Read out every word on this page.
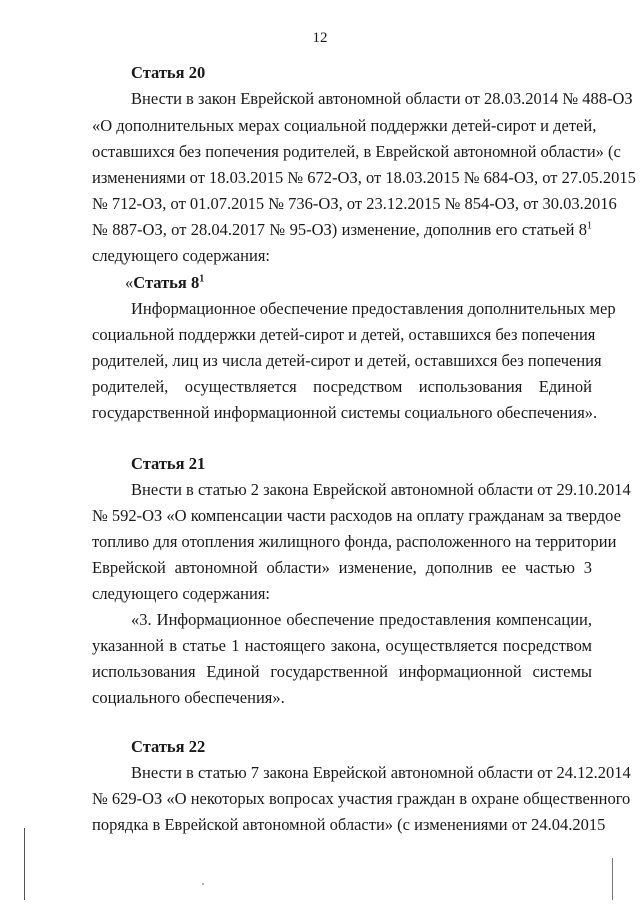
12
Статья 20
Внести в закон Еврейской автономной области от 28.03.2014 № 488-ОЗ
«О дополнительных мерах социальной поддержки детей-сирот и детей,
оставшихся без попечения родителей, в Еврейской автономной области» (с
изменениями от 18.03.2015 № 672-ОЗ, от 18.03.2015 № 684-ОЗ, от 27.05.2015
№ 712-ОЗ, от 01.07.2015 № 736-ОЗ, от 23.12.2015 № 854-ОЗ, от 30.03.2016
№ 887-ОЗ, от 28.04.2017 № 95-ОЗ) изменение, дополнив его статьей $8^1$
следующего содержания:
«Статья $8^1$
Информационное обеспечение предоставления дополнительных мер
социальной поддержки детей-сирот и детей, оставшихся без попечения
родителей, лиц из числа детей-сирот и детей, оставшихся без попечения
родителей, осуществляется посредством использования Единой
государственной информационной системы социального обеспечения».
Статья 21
Внести в статью 2 закона Еврейской автономной области от 29.10.2014
№ 592-ОЗ «О компенсации части расходов на оплату гражданам за твердое
топливо для отопления жилищного фонда, расположенного на территории
Еврейской автономной области» изменение, дополнив ее частью 3
следующего содержания:
«3. Информационное обеспечение предоставления компенсации,
указанной в статье 1 настоящего закона, осуществляется посредством
использования Единой государственной информационной системы
социального обеспечения».
Статья 22
Внести в статью 7 закона Еврейской автономной области от 24.12.2014
№ 629-ОЗ «О некоторых вопросах участия граждан в охране общественного
порядка в Еврейской автономной области» (с изменениями от 24.04.2015
